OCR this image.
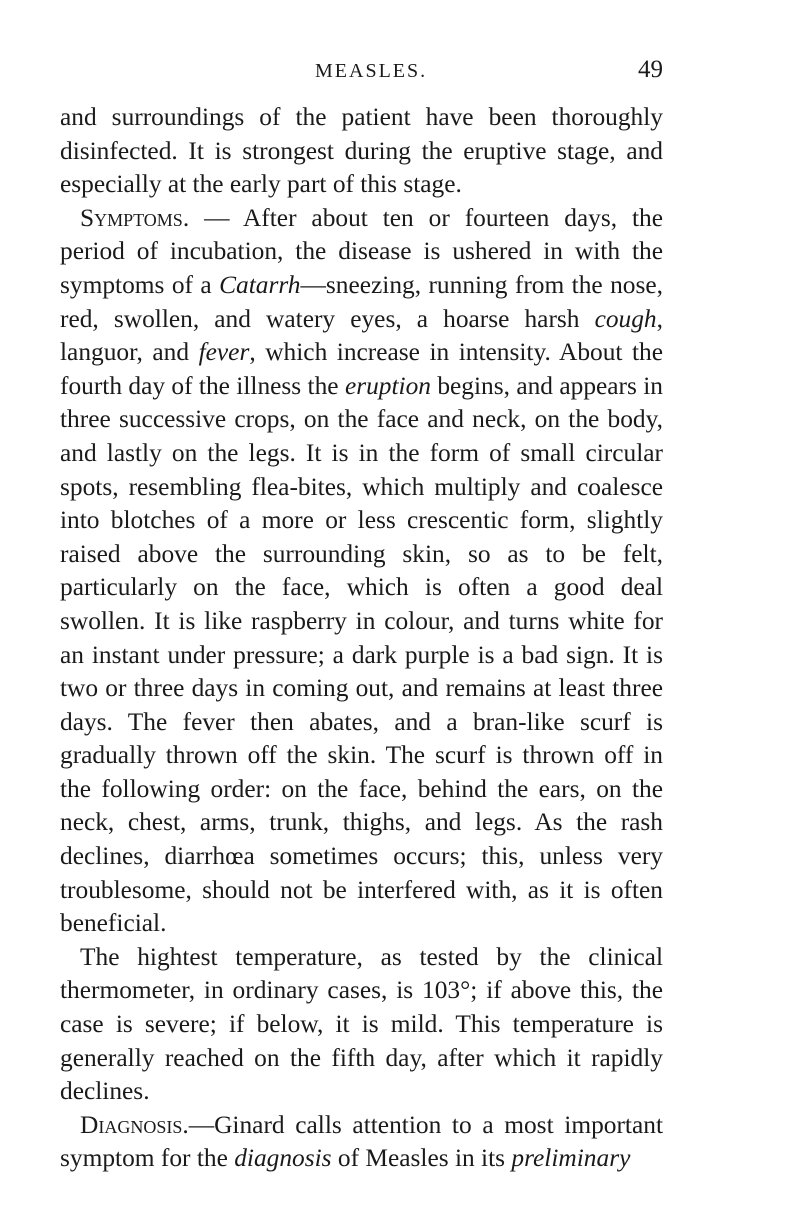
MEASLES.	49

and surroundings of the patient have been thoroughly disinfected. It is strongest during the eruptive stage, and especially at the early part of this stage.

Symptoms. — After about ten or fourteen days, the period of incubation, the disease is ushered in with the symptoms of a Catarrh—sneezing, running from the nose, red, swollen, and watery eyes, a hoarse harsh cough, languor, and fever, which increase in intensity. About the fourth day of the illness the eruption begins, and appears in three successive crops, on the face and neck, on the body, and lastly on the legs. It is in the form of small circular spots, resembling flea-bites, which multiply and coalesce into blotches of a more or less crescentic form, slightly raised above the surrounding skin, so as to be felt, particularly on the face, which is often a good deal swollen. It is like raspberry in colour, and turns white for an instant under pressure; a dark purple is a bad sign. It is two or three days in coming out, and remains at least three days. The fever then abates, and a bran-like scurf is gradually thrown off the skin. The scurf is thrown off in the following order: on the face, behind the ears, on the neck, chest, arms, trunk, thighs, and legs. As the rash declines, diarrhœa sometimes occurs; this, unless very troublesome, should not be interfered with, as it is often beneficial.

The hightest temperature, as tested by the clinical thermometer, in ordinary cases, is 103°; if above this, the case is severe; if below, it is mild. This temperature is generally reached on the fifth day, after which it rapidly declines.

Diagnosis.—Ginard calls attention to a most important symptom for the diagnosis of Measles in its preliminary
